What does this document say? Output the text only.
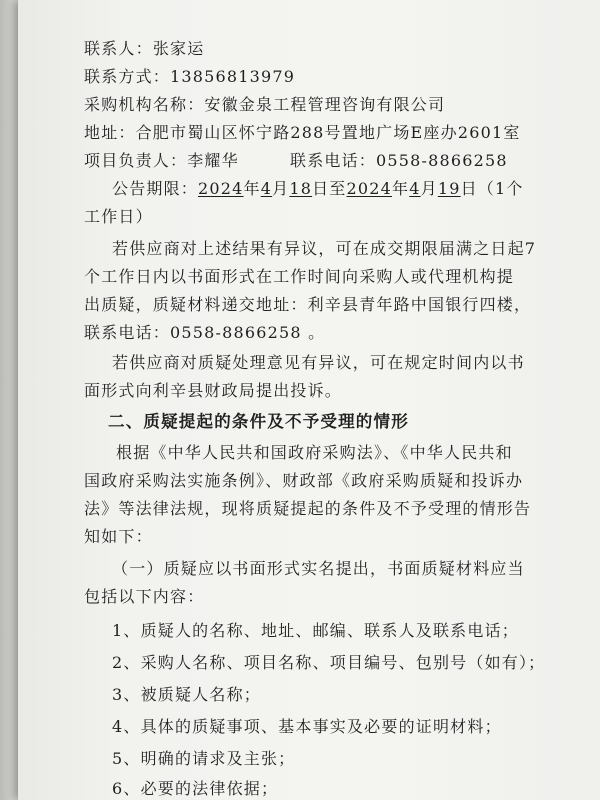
联系人：张家运
联系方式：13856813979
采购机构名称：安徽金泉工程管理咨询有限公司
地址：合肥市蜀山区怀宁路288号置地广场E座办2601室
项目负责人：李耀华	联系电话：0558-8866258
公告期限：2024年4月18日至2024年4月19日（1个
工作日）
若供应商对上述结果有异议，可在成交期限届满之日起7
个工作日内以书面形式在工作时间向采购人或代理机构提
出质疑，质疑材料递交地址：利辛县青年路中国银行四楼，
联系电话：0558-8866258 。
若供应商对质疑处理意见有异议，可在规定时间内以书
面形式向利辛县财政局提出投诉。
二、质疑提起的条件及不予受理的情形
根据《中华人民共和国政府采购法》、《中华人民共和
国政府采购法实施条例》、财政部《政府采购质疑和投诉办
法》等法律法规，现将质疑提起的条件及不予受理的情形告
知如下：
（一）质疑应以书面形式实名提出，书面质疑材料应当
包括以下内容：
1、质疑人的名称、地址、邮编、联系人及联系电话；
2、采购人名称、项目名称、项目编号、包别号（如有）；
3、被质疑人名称；
4、具体的质疑事项、基本事实及必要的证明材料；
5、明确的请求及主张；
6、必要的法律依据；
